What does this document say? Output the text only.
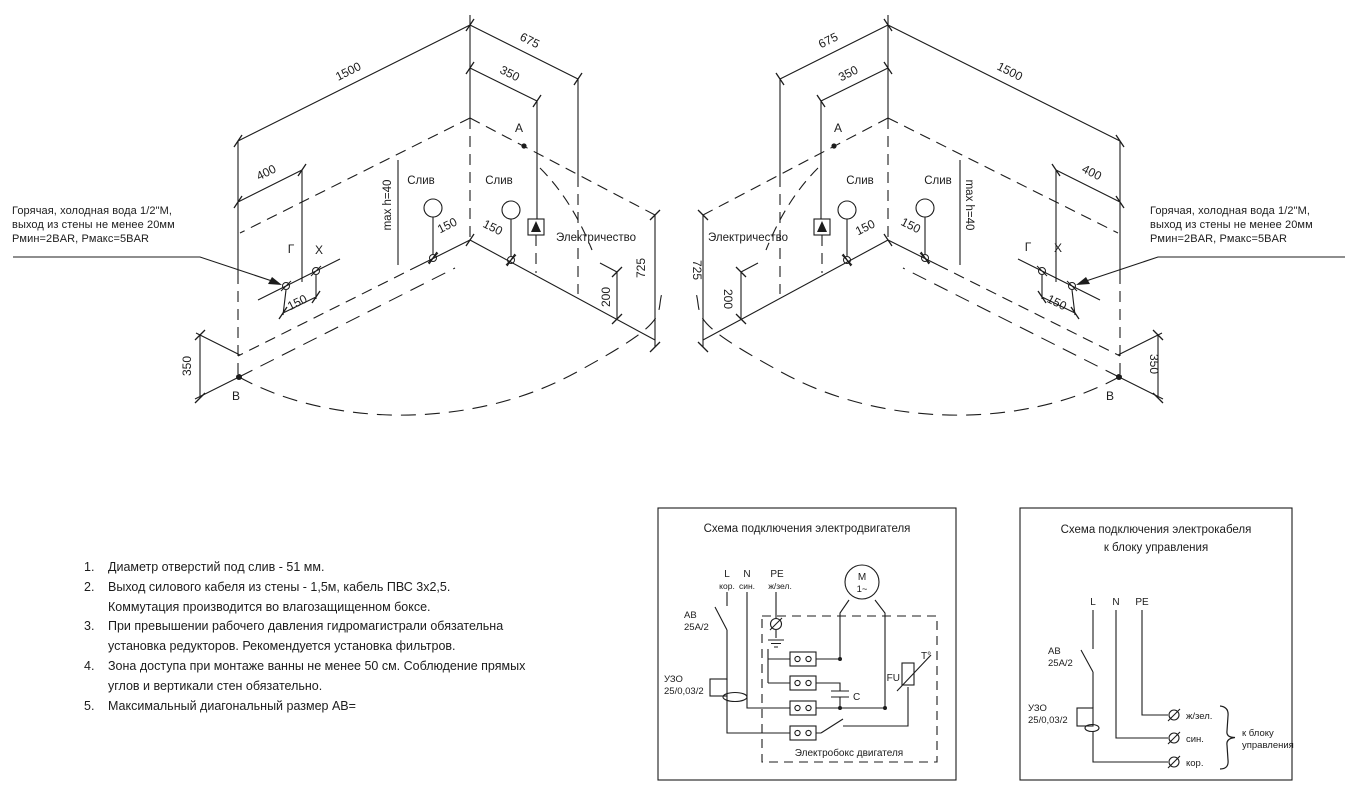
1500
675
350
400
150 150
150
725
200
350
max h=40 Слив	Слив
Электричество
А
В
Г Х
1500
675
350
400
150
150
150
725
200
350
max h=40
Слив	Слив
Электричество
А
В
Г Х
Схема подключения электродвигателя
L N PE
кор. син. ж/зел.
АВ
25А/2
УЗО
25/0,03/2
М
1~
С
FU
Т°
Электробокс двигателя
Схема подключения электрокабеля
к блоку управления
L N PE
АВ
25А/2
УЗО
25/0,03/2	ж/зел.
син.
кор.
к блоку
управления
Горячая, холодная вода 1/2"М,
выход из стены не менее 20мм
Рмин=2BAR, Рмакс=5BAR
Горячая, холодная вода 1/2"М,
выход из стены не менее 20мм
Рмин=2BAR, Рмакс=5BAR
1.	Диаметр отверстий под слив - 51 мм.
2.	Выход силового кабеля из стены - 1,5м, кабель ПВС 3х2,5.
Коммутация производится во влагозащищенном боксе.
3.	При превышении рабочего давления гидромагистрали обязательна
установка редукторов. Рекомендуется установка фильтров.
4.	Зона доступа при монтаже ванны не менее 50 см. Соблюдение прямых
углов и вертикали стен обязательно.
5.	Максимальный диагональный размер АВ=
